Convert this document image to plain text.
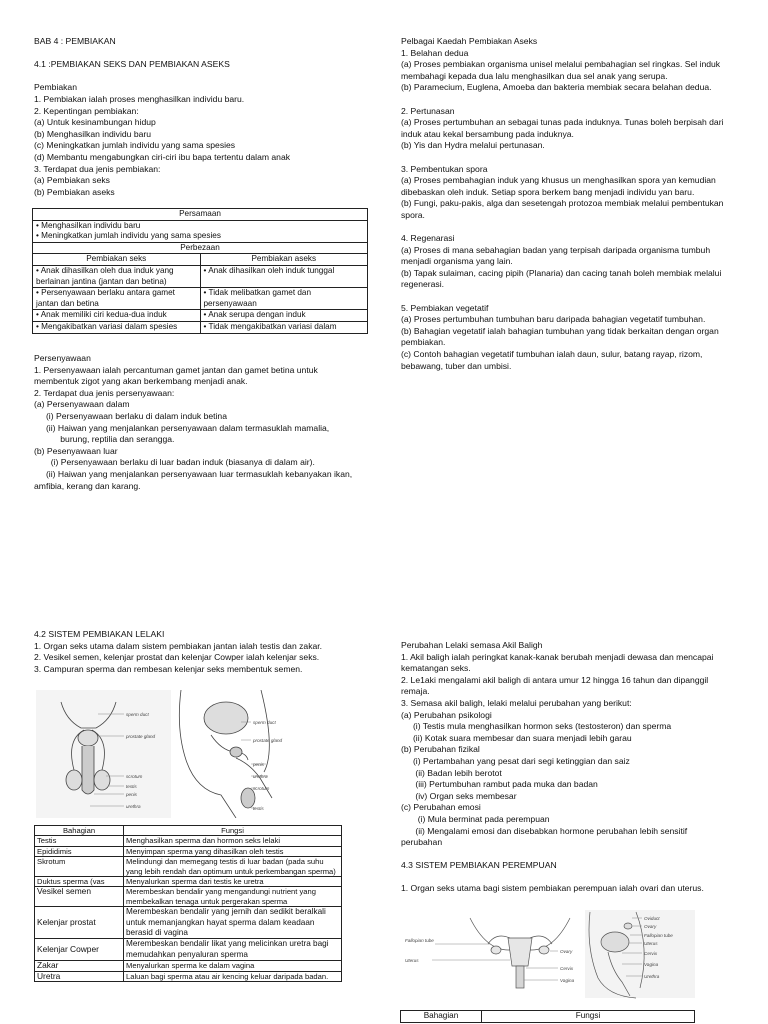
BAB 4 : PEMBIAKAN

4.1 :PEMBIAKAN SEKS DAN PEMBIAKAN ASEKS

Pembiakan

1. Pembiakan ialah proses menghasilkan individu baru.

2. Kepentingan pembiakan:

(a) Untuk kesinambungan hidup

(b) Menghasilkan individu baru

(c) Meningkatkan jumlah individu yang sama spesies

(d) Membantu mengabungkan ciri-ciri ibu bapa tertentu dalam anak

3. Terdapat dua jenis pembiakan:

(a) Pembiakan seks

(b) Pembiakan aseks

Persamaan	

• Menghasilkan individu baru
• Meningkatkan jumlah individu yang sama spesies	

Perbezaan	
Pembiakan seks	Pembiakan aseks
• Anak dihasilkan oleh dua induk yang berlainan jantina (jantan dan betina)	• Anak dihasilkan oleh induk tunggal
• Persenyawaan berlaku antara gamet jantan dan betina	• Tidak melibatkan gamet dan persenyawaan
• Anak memiliki ciri kedua-dua induk	• Anak serupa dengan induk
• Mengakibatkan variasi dalam spesies	• Tidak mengakibatkan variasi dalam

Persenyawaan

1. Persenyawaan ialah percantuman gamet jantan dan gamet betina untuk

membentuk zigot yang akan berkembang menjadi anak.

2. Terdapat dua jenis persenyawaan:

(a) Persenyawaan dalam

(i) Persenyawaan berlaku di dalam induk betina

(ii) Haiwan yang menjalankan persenyawaan dalam termasuklah mamalia,

burung, reptilia dan serangga.

(b) Pesenyawaan luar

(i) Persenyawaan berlaku di luar badan induk (biasanya di dalam air).

(ii) Haiwan yang menjalankan persenyawaan luar termasuklah kebanyakan ikan,

amfibia, kerang dan karang.

Pelbagai Kaedah Pembiakan Aseks

1. Belahan dedua

(a) Proses pembiakan organisma unisel melalui pembahagian sel ringkas. Sel induk

membahagi kepada dua lalu menghasilkan dua sel anak yang serupa.

(b) Paramecium, Euglena, Amoeba dan bakteria membiak secara belahan dedua.

2. Pertunasan

(a) Proses pertumbuhan an sebagai tunas pada induknya. Tunas boleh berpisah dari

induk atau kekal bersambung pada induknya.

(b) Yis dan Hydra melalui pertunasan.

3. Pembentukan spora

(a) Proses pembahagian induk yang khusus un menghasilkan spora yan kemudian

dibebaskan oleh induk. Setiap spora berkem bang menjadi individu yan baru.

(b) Fungi, paku-pakis, alga dan sesetengah protozoa membiak melalui pembentukan

spora.

4. Regenarasi

(a) Proses di mana sebahagian badan yang terpisah daripada organisma tumbuh

menjadi organisma yang lain.

(b) Tapak sulaiman, cacing pipih (Planaria) dan cacing tanah boleh membiak melalui

regenerasi.

5. Pembiakan vegetatif

(a) Proses pertumbuhan tumbuhan baru daripada bahagian vegetatif tumbuhan.

(b) Bahagian vegetatif ialah bahagian tumbuhan yang tidak berkaitan dengan organ

pembiakan.

(c) Contoh bahagian vegetatif tumbuhan ialah daun, sulur, batang rayap, rizom,

bebawang, tuber dan umbisi.

4.2 SISTEM PEMBIAKAN LELAKI

1. Organ seks utama dalam sistem pembiakan jantan ialah testis dan zakar.

2. Vesikel semen, kelenjar prostat dan kelenjar Cowper ialah kelenjar seks.

3. Campuran sperma dan rembesan kelenjar seks membentuk semen.

sperm duct
prostate gland
scrotum
testis
penis
urethra
sperm duct
prostate gland
penis
urethra
scrotum
testis
Bahagian	Fungsi
Testis	Menghasilkan sperma dan hormon seks lelaki
Epididimis	Menyimpan sperma yang dihasilkan oleh testis
Skrotum	Melindungi dan memegang testis di luar badan (pada suhu yang lebih rendah dan optimum untuk perkembangan sperma)
Duktus sperma (vas	Menyalurkan sperma dari testis ke uretra
Vesikel semen	Merembeskan bendalir yang mengandungi nutrient yang membekalkan tenaga untuk pergerakan sperma
Kelenjar prostat	Merembeskan bendalir yang jernih dan sedikit beralkali untuk memanjangkan hayat sperma dalam keadaan berasid di vagina
Kelenjar Cowper	Merembeskan bendalir likat yang melicinkan uretra bagi memudahkan penyaluran sperma
Zakar	Menyalurkan sperma ke dalam vagina
Uretra	Laluan bagi sperma atau air kencing keluar daripada badan.

Perubahan Lelaki semasa Akil Baligh

1. Akil baligh ialah peringkat kanak-kanak berubah menjadi dewasa dan mencapai

kematangan seks.

2. Le1aki mengalami akil baligh di antara umur 12 hingga 16 tahun dan dipanggil

remaja.

3. Semasa akil baligh, lelaki melalui perubahan yang berikut:

(a) Perubahan psikologi

(i) Testis mula menghasilkan hormon seks (testosteron) dan sperma

(ii) Kotak suara membesar dan suara menjadi lebih garau

(b) Perubahan fizikal

(i) Pertambahan yang pesat dari segi ketinggian dan saiz

(ii) Badan lebih berotot

(iii) Pertumbuhan rambut pada muka dan badan

(iv) Organ seks membesar

(c) Perubahan emosi

(i) Mula berminat pada perempuan

(ii) Mengalami emosi dan disebabkan hormone perubahan lebih sensitif

perubahan

4.3 SISTEM PEMBIAKAN PEREMPUAN

1. Organ seks utama bagi sistem pembiakan perempuan ialah ovari dan uterus.

Fallopian tube
Uterus
Ovary
Cervix
Vagina
Oviduct
Ovary
Fallopian tube
Uterus
Cervix
Vagina
Urethra
Bahagian	Fungsi
